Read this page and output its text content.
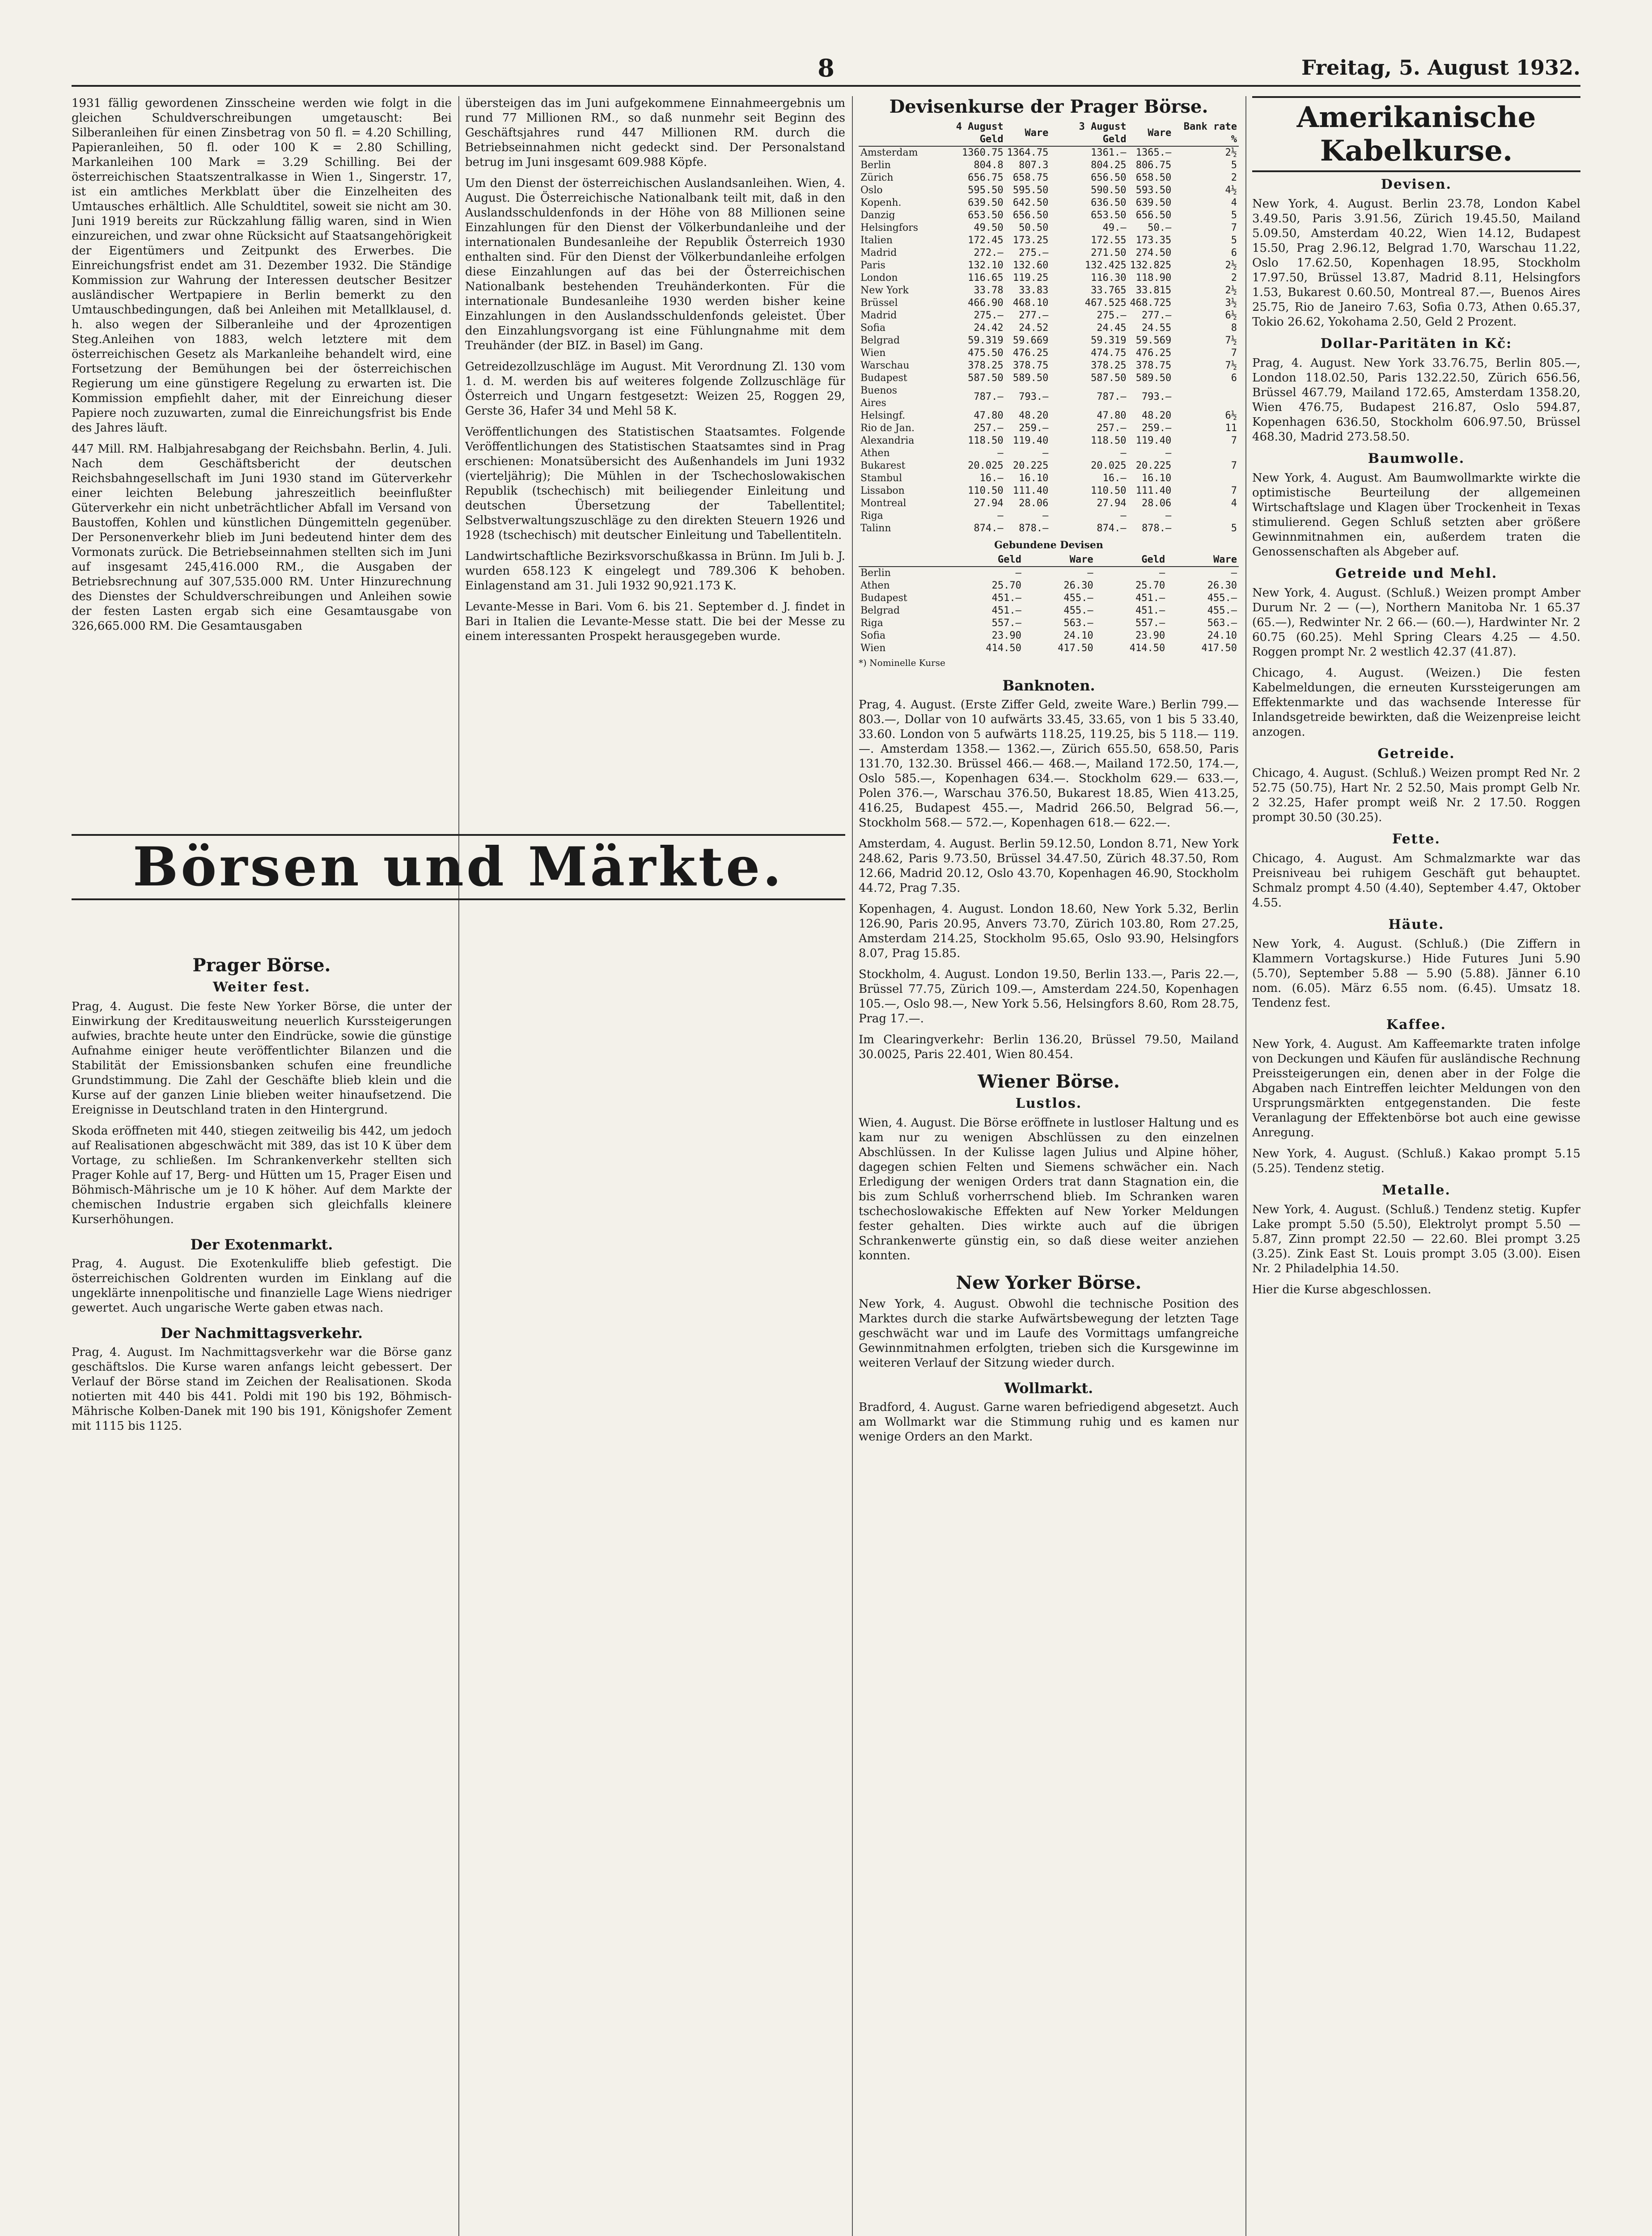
8	Freitag, 5. August 1932.

1931 fällig gewordenen Zinsscheine werden wie folgt in die gleichen Schuldverschreibungen umgetauscht: Bei Silberanleihen für einen Zinsbetrag von 50 fl. = 4.20 Schilling, Papieranleihen, 50 fl. oder 100 K = 2.80 Schilling, Markanleihen 100 Mark = 3.29 Schilling. Bei der österreichischen Staatszentralkasse in Wien 1., Singerstr. 17, ist ein amtliches Merkblatt über die Einzelheiten des Umtausches erhältlich. Alle Schuldtitel, soweit sie nicht am 30. Juni 1919 bereits zur Rückzahlung fällig waren, sind in Wien einzureichen, und zwar ohne Rücksicht auf Staatsangehörigkeit der Eigentümers und Zeitpunkt des Erwerbes. Die Einreichungsfrist endet am 31. Dezember 1932. Die Ständige Kommission zur Wahrung der Interessen deutscher Besitzer ausländischer Wertpapiere in Berlin bemerkt zu den Umtauschbedingungen, daß bei Anleihen mit Metallklausel, d. h. also wegen der Silberanleihe und der 4prozentigen Steg.Anleihen von 1883, welch letztere mit dem österreichischen Gesetz als Markanleihe behandelt wird, eine Fortsetzung der Bemühungen bei der österreichischen Regierung um eine günstigere Regelung zu erwarten ist. Die Kommission empfiehlt daher, mit der Einreichung dieser Papiere noch zuzuwarten, zumal die Einreichungsfrist bis Ende des Jahres läuft.

447 Mill. RM. Halbjahresabgang der Reichsbahn. Berlin, 4. Juli. Nach dem Geschäftsbericht der deutschen Reichsbahngesellschaft im Juni 1930 stand im Güterverkehr einer leichten Belebung jahreszeitlich beeinflußter Güterverkehr ein nicht unbeträchtlicher Abfall im Versand von Baustoffen, Kohlen und künstlichen Düngemitteln gegenüber. Der Personenverkehr blieb im Juni bedeutend hinter dem des Vormonats zurück. Die Betriebseinnahmen stellten sich im Juni auf insgesamt 245,416.000 RM., die Ausgaben der Betriebsrechnung auf 307,535.000 RM. Unter Hinzurechnung des Dienstes der Schuldverschreibungen und Anleihen sowie der festen Lasten ergab sich eine Gesamtausgabe von 326,665.000 RM. Die Gesamtausgaben

Prager Börse.
Weiter fest.

Prag, 4. August. Die feste New Yorker Börse, die unter der Einwirkung der Kreditausweitung neuerlich Kurssteigerungen aufwies, brachte heute unter den Eindrücke, sowie die günstige Aufnahme einiger heute veröffentlichter Bilanzen und die Stabilität der Emissionsbanken schufen eine freundliche Grundstimmung. Die Zahl der Geschäfte blieb klein und die Kurse auf der ganzen Linie blieben weiter hinaufsetzend. Die Ereignisse in Deutschland traten in den Hintergrund.

Skoda eröffneten mit 440, stiegen zeitweilig bis 442, um jedoch auf Realisationen abgeschwächt mit 389, das ist 10 K über dem Vortage, zu schließen. Im Schrankenverkehr stellten sich Prager Kohle auf 17, Berg- und Hütten um 15, Prager Eisen und Böhmisch-Mährische um je 10 K höher. Auf dem Markte der chemischen Industrie ergaben sich gleichfalls kleinere Kurserhöhungen.

Der Exotenmarkt.

Prag, 4. August. Die Exotenkuliffe blieb gefestigt. Die österreichischen Goldrenten wurden im Einklang auf die ungeklärte innenpolitische und finanzielle Lage Wiens niedriger gewertet. Auch ungarische Werte gaben etwas nach.

Der Nachmittagsverkehr.

Prag, 4. August. Im Nachmittagsverkehr war die Börse ganz geschäftslos. Die Kurse waren anfangs leicht gebessert. Der Verlauf der Börse stand im Zeichen der Realisationen. Skoda notierten mit 440 bis 441. Poldi mit 190 bis 192, Böhmisch-Mährische Kolben-Danek mit 190 bis 191, Königshofer Zement mit 1115 bis 1125.

übersteigen das im Juni aufgekommene Einnahmeergebnis um rund 77 Millionen RM., so daß nunmehr seit Beginn des Geschäftsjahres rund 447 Millionen RM. durch die Betriebseinnahmen nicht gedeckt sind. Der Personalstand betrug im Juni insgesamt 609.988 Köpfe.

Um den Dienst der österreichischen Auslandsanleihen. Wien, 4. August. Die Österreichische Nationalbank teilt mit, daß in den Auslandsschuldenfonds in der Höhe von 88 Millionen seine Einzahlungen für den Dienst der Völkerbundanleihe und der internationalen Bundesanleihe der Republik Österreich 1930 enthalten sind. Für den Dienst der Völkerbundanleihe erfolgen diese Einzahlungen auf das bei der Österreichischen Nationalbank bestehenden Treuhänderkonten. Für die internationale Bundesanleihe 1930 werden bisher keine Einzahlungen in den Auslandsschuldenfonds geleistet. Über den Einzahlungsvorgang ist eine Fühlungnahme mit dem Treuhänder (der BIZ. in Basel) im Gang.

Getreidezollzuschläge im August. Mit Verordnung Zl. 130 vom 1. d. M. werden bis auf weiteres folgende Zollzuschläge für Österreich und Ungarn festgesetzt: Weizen 25, Roggen 29, Gerste 36, Hafer 34 und Mehl 58 K.

Veröffentlichungen des Statistischen Staatsamtes. Folgende Veröffentlichungen des Statistischen Staatsamtes sind in Prag erschienen: Monatsübersicht des Außenhandels im Juni 1932 (vierteljährig); Die Mühlen in der Tschechoslowakischen Republik (tschechisch) mit beiliegender Einleitung und deutschen Übersetzung der Tabellentitel; Selbstverwaltungszuschläge zu den direkten Steuern 1926 und 1928 (tschechisch) mit deutscher Einleitung und Tabellentiteln.

Landwirtschaftliche Bezirksvorschußkassa in Brünn. Im Juli b. J. wurden 658.123 K eingelegt und 789.306 K behoben. Einlagenstand am 31. Juli 1932 90,921.173 K.

Levante-Messe in Bari. Vom 6. bis 21. September d. J. findet in Bari in Italien die Levante-Messe statt. Die bei der Messe zu einem interessanten Prospekt herausgegeben wurde.

Börsen und Märkte.
Devisenkurse der Prager Börse.
	4 August Geld	Ware	3 August Geld	Ware	Bank rate %
Amsterdam	1360.75	1364.75	1361.—	1365.—	2½
Berlin	804.8	807.3	804.25	806.75	5
Zürich	656.75	658.75	656.50	658.50	2
Oslo	595.50	595.50	590.50	593.50	4½
Kopenh.	639.50	642.50	636.50	639.50	4
Danzig	653.50	656.50	653.50	656.50	5
Helsingfors	49.50	50.50	49.—	50.—	7
Italien	172.45	173.25	172.55	173.35	5
Madrid	272.—	275.—	271.50	274.50	6
Paris	132.10	132.60	132.425	132.825	2½
London	116.65	119.25	116.30	118.90	2
New York	33.78	33.83	33.765	33.815	2½
Brüssel	466.90	468.10	467.525	468.725	3½
Madrid	275.—	277.—	275.—	277.—	6½
Sofia	24.42	24.52	24.45	24.55	8
Belgrad	59.319	59.669	59.319	59.569	7½
Wien	475.50	476.25	474.75	476.25	7
Warschau	378.25	378.75	378.25	378.75	7½
Budapest	587.50	589.50	587.50	589.50	6
Buenos Aires	787.—	793.—	787.—	793.—	
Helsingf.	47.80	48.20	47.80	48.20	6½
Rio de Jan.	257.—	259.—	257.—	259.—	11
Alexandria	118.50	119.40	118.50	119.40	7
Athen	—	—	—	—	
Bukarest	20.025	20.225	20.025	20.225	7
Stambul	16.—	16.10	16.—	16.10	
Lissabon	110.50	111.40	110.50	111.40	7
Montreal	27.94	28.06	27.94	28.06	4
Riga	—	—	—	—	
Talinn	874.—	878.—	874.—	878.—	5
Gebundene Devisen
	Geld	Ware	Geld	Ware
Berlin	—	—	—	—
Athen	25.70	26.30	25.70	26.30
Budapest	451.—	455.—	451.—	455.—
Belgrad	451.—	455.—	451.—	455.—
Riga	557.—	563.—	557.—	563.—
Sofia	23.90	24.10	23.90	24.10
Wien	414.50	417.50	414.50	417.50
*) Nominelle Kurse
Banknoten.

Prag, 4. August. (Erste Ziffer Geld, zweite Ware.) Berlin 799.— 803.—, Dollar von 10 aufwärts 33.45, 33.65, von 1 bis 5 33.40, 33.60. London von 5 aufwärts 118.25, 119.25, bis 5 118.— 119.—. Amsterdam 1358.— 1362.—, Zürich 655.50, 658.50, Paris 131.70, 132.30. Brüssel 466.— 468.—, Mailand 172.50, 174.—, Oslo 585.—, Kopenhagen 634.—. Stockholm 629.— 633.—, Polen 376.—, Warschau 376.50, Bukarest 18.85, Wien 413.25, 416.25, Budapest 455.—, Madrid 266.50, Belgrad 56.—, Stockholm 568.— 572.—, Kopenhagen 618.— 622.—.

Amsterdam, 4. August. Berlin 59.12.50, London 8.71, New York 248.62, Paris 9.73.50, Brüssel 34.47.50, Zürich 48.37.50, Rom 12.66, Madrid 20.12, Oslo 43.70, Kopenhagen 46.90, Stockholm 44.72, Prag 7.35.

Kopenhagen, 4. August. London 18.60, New York 5.32, Berlin 126.90, Paris 20.95, Anvers 73.70, Zürich 103.80, Rom 27.25, Amsterdam 214.25, Stockholm 95.65, Oslo 93.90, Helsingfors 8.07, Prag 15.85.

Stockholm, 4. August. London 19.50, Berlin 133.—, Paris 22.—, Brüssel 77.75, Zürich 109.—, Amsterdam 224.50, Kopenhagen 105.—, Oslo 98.—, New York 5.56, Helsingfors 8.60, Rom 28.75, Prag 17.—.

Im Clearingverkehr: Berlin 136.20, Brüssel 79.50, Mailand 30.0025, Paris 22.401, Wien 80.454.

Wiener Börse.
Lustlos.

Wien, 4. August. Die Börse eröffnete in lustloser Haltung und es kam nur zu wenigen Abschlüssen zu den einzelnen Abschlüssen. In der Kulisse lagen Julius und Alpine höher, dagegen schien Felten und Siemens schwächer ein. Nach Erledigung der wenigen Orders trat dann Stagnation ein, die bis zum Schluß vorherrschend blieb. Im Schranken waren tschechoslowakische Effekten auf New Yorker Meldungen fester gehalten. Dies wirkte auch auf die übrigen Schrankenwerte günstig ein, so daß diese weiter anziehen konnten.

New Yorker Börse.

New York, 4. August. Obwohl die technische Position des Marktes durch die starke Aufwärtsbewegung der letzten Tage geschwächt war und im Laufe des Vormittags umfangreiche Gewinnmitnahmen erfolgten, trieben sich die Kursgewinne im weiteren Verlauf der Sitzung wieder durch.

Wollmarkt.

Bradford, 4. August. Garne waren befriedigend abgesetzt. Auch am Wollmarkt war die Stimmung ruhig und es kamen nur wenige Orders an den Markt.

Amerikanische Kabelkurse.
Devisen.

New York, 4. August. Berlin 23.78, London Kabel 3.49.50, Paris 3.91.56, Zürich 19.45.50, Mailand 5.09.50, Amsterdam 40.22, Wien 14.12, Budapest 15.50, Prag 2.96.12, Belgrad 1.70, Warschau 11.22, Oslo 17.62.50, Kopenhagen 18.95, Stockholm 17.97.50, Brüssel 13.87, Madrid 8.11, Helsingfors 1.53, Bukarest 0.60.50, Montreal 87.—, Buenos Aires 25.75, Rio de Janeiro 7.63, Sofia 0.73, Athen 0.65.37, Tokio 26.62, Yokohama 2.50, Geld 2 Prozent.

Dollar-Paritäten in Kč:

Prag, 4. August. New York 33.76.75, Berlin 805.—, London 118.02.50, Paris 132.22.50, Zürich 656.56, Brüssel 467.79, Mailand 172.65, Amsterdam 1358.20, Wien 476.75, Budapest 216.87, Oslo 594.87, Kopenhagen 636.50, Stockholm 606.97.50, Brüssel 468.30, Madrid 273.58.50.

Baumwolle.

New York, 4. August. Am Baumwollmarkte wirkte die optimistische Beurteilung der allgemeinen Wirtschaftslage und Klagen über Trockenheit in Texas stimulierend. Gegen Schluß setzten aber größere Gewinnmitnahmen ein, außerdem traten die Genossenschaften als Abgeber auf.

Getreide und Mehl.

New York, 4. August. (Schluß.) Weizen prompt Amber Durum Nr. 2 — (—), Northern Manitoba Nr. 1 65.37 (65.—), Redwinter Nr. 2 66.— (60.—), Hardwinter Nr. 2 60.75 (60.25). Mehl Spring Clears 4.25 — 4.50. Roggen prompt Nr. 2 westlich 42.37 (41.87).

Chicago, 4. August. (Weizen.) Die festen Kabelmeldungen, die erneuten Kurssteigerungen am Effektenmarkte und das wachsende Interesse für Inlandsgetreide bewirkten, daß die Weizenpreise leicht anzogen.

Getreide.

Chicago, 4. August. (Schluß.) Weizen prompt Red Nr. 2 52.75 (50.75), Hart Nr. 2 52.50, Mais prompt Gelb Nr. 2 32.25, Hafer prompt weiß Nr. 2 17.50. Roggen prompt 30.50 (30.25).

Fette.

Chicago, 4. August. Am Schmalzmarkte war das Preisniveau bei ruhigem Geschäft gut behauptet. Schmalz prompt 4.50 (4.40), September 4.47, Oktober 4.55.

Häute.

New York, 4. August. (Schluß.) (Die Ziffern in Klammern Vortagskurse.) Hide Futures Juni 5.90 (5.70), September 5.88 — 5.90 (5.88). Jänner 6.10 nom. (6.05). März 6.55 nom. (6.45). Umsatz 18. Tendenz fest.

Kaffee.

New York, 4. August. Am Kaffeemarkte traten infolge von Deckungen und Käufen für ausländische Rechnung Preissteigerungen ein, denen aber in der Folge die Abgaben nach Eintreffen leichter Meldungen von den Ursprungsmärkten entgegenstanden. Die feste Veranlagung der Effektenbörse bot auch eine gewisse Anregung.

New York, 4. August. (Schluß.) Kakao prompt 5.15 (5.25). Tendenz stetig.

Metalle.

New York, 4. August. (Schluß.) Tendenz stetig. Kupfer Lake prompt 5.50 (5.50), Elektrolyt prompt 5.50 — 5.87, Zinn prompt 22.50 — 22.60. Blei prompt 3.25 (3.25). Zink East St. Louis prompt 3.05 (3.00). Eisen Nr. 2 Philadelphia 14.50.

Hier die Kurse abgeschlossen.
